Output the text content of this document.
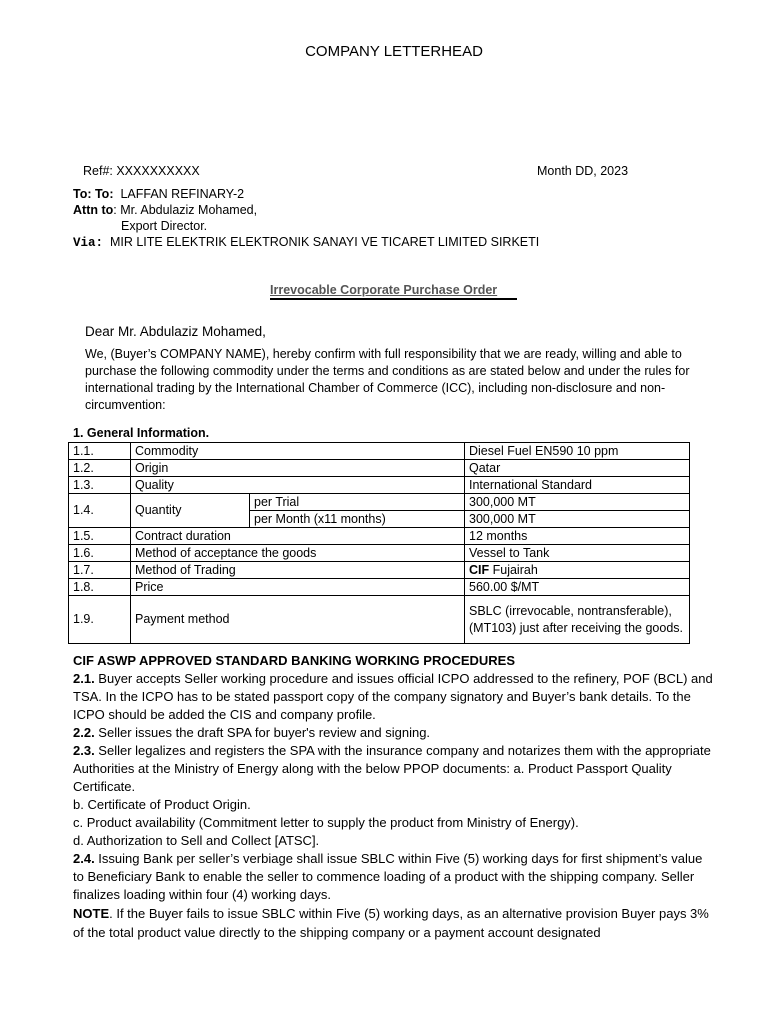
COMPANY LETTERHEAD
Ref#: XXXXXXXXXX	Month DD, 2023
To: To: LAFFAN REFINARY-2
Attn to: Mr. Abdulaziz Mohamed,
Export Director.
Via: MIR LITE ELEKTRIK ELEKTRONIK SANAYI VE TICARET LIMITED SIRKETI
Irrevocable Corporate Purchase Order
Dear Mr. Abdulaziz Mohamed,
We, (Buyer’s COMPANY NAME), hereby confirm with full responsibility that we are ready, willing and able to purchase the following commodity under the terms and conditions as are stated below and under the rules for international trading by the International Chamber of Commerce (ICC), including non-disclosure and non-circumvention:
1. General Information.
1.1.	Commodity		Diesel Fuel EN590 10 ppm
1.2.	Origin		Qatar
1.3.	Quality		International Standard
1.4.	Quantity	per Trial	300,000 MT
		per Month (x11 months)	300,000 MT
1.5.	Contract duration		12 months
1.6.	Method of acceptance the goods		Vessel to Tank
1.7.	Method of Trading		CIF Fujairah
1.8.	Price		560.00 $/MT
1.9.	Payment method		SBLC (irrevocable, nontransferable), (MT103) just after receiving the goods.

CIF ASWP APPROVED STANDARD BANKING WORKING PROCEDURES

2.1. Buyer accepts Seller working procedure and issues official ICPO addressed to the refinery, POF (BCL) and TSA. In the ICPO has to be stated passport copy of the company signatory and Buyer’s bank details. To the ICPO should be added the CIS and company profile.

2.2. Seller issues the draft SPA for buyer's review and signing.

2.3. Seller legalizes and registers the SPA with the insurance company and notarizes them with the appropriate Authorities at the Ministry of Energy along with the below PPOP documents: a. Product Passport Quality Certificate.

b. Certificate of Product Origin.

c. Product availability (Commitment letter to supply the product from Ministry of Energy).

d. Authorization to Sell and Collect [ATSC].

2.4. Issuing Bank per seller’s verbiage shall issue SBLC within Five (5) working days for first shipment’s value to Beneficiary Bank to enable the seller to commence loading of a product with the shipping company. Seller finalizes loading within four (4) working days.

NOTE. If the Buyer fails to issue SBLC within Five (5) working days, as an alternative provision Buyer pays 3% of the total product value directly to the shipping company or a payment account designated
